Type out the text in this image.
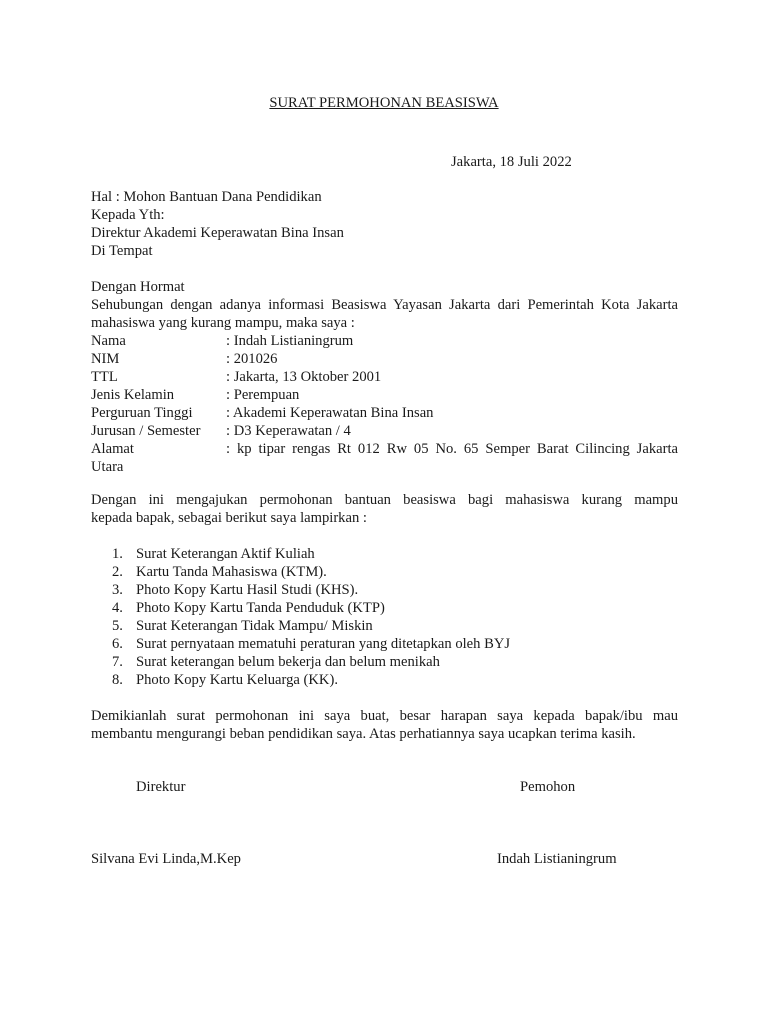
SURAT PERMOHONAN BEASISWA
Jakarta, 18 Juli 2022
Hal : Mohon Bantuan Dana Pendidikan
Kepada Yth:
Direktur Akademi Keperawatan Bina Insan
Di Tempat
Dengan Hormat
Sehubungan dengan adanya informasi Beasiswa Yayasan Jakarta dari Pemerintah Kota Jakarta
mahasiswa yang kurang mampu, maka saya :
Nama	: Indah Listianingrum
NIM	: 201026
TTL	: Jakarta, 13 Oktober 2001
Jenis Kelamin	: Perempuan
Perguruan Tinggi : Akademi Keperawatan Bina Insan
Jurusan / Semester : D3 Keperawatan / 4
Alamat	: kp tipar rengas Rt 012 Rw 05 No. 65 Semper Barat Cilincing Jakarta
Utara
Dengan ini mengajukan permohonan bantuan beasiswa bagi mahasiswa kurang mampu
kepada bapak, sebagai berikut saya lampirkan :
1. Surat Keterangan Aktif Kuliah
2. Kartu Tanda Mahasiswa (KTM).
3. Photo Kopy Kartu Hasil Studi (KHS).
4. Photo Kopy Kartu Tanda Penduduk (KTP)
5. Surat Keterangan Tidak Mampu/ Miskin
6. Surat pernyataan mematuhi peraturan yang ditetapkan oleh BYJ
7. Surat keterangan belum bekerja dan belum menikah
8. Photo Kopy Kartu Keluarga (KK).
Demikianlah surat permohonan ini saya buat, besar harapan saya kepada bapak/ibu mau
membantu mengurangi beban pendidikan saya. Atas perhatiannya saya ucapkan terima kasih.
Direktur	Pemohon
Silvana Evi Linda,M.Kep	Indah Listianingrum
